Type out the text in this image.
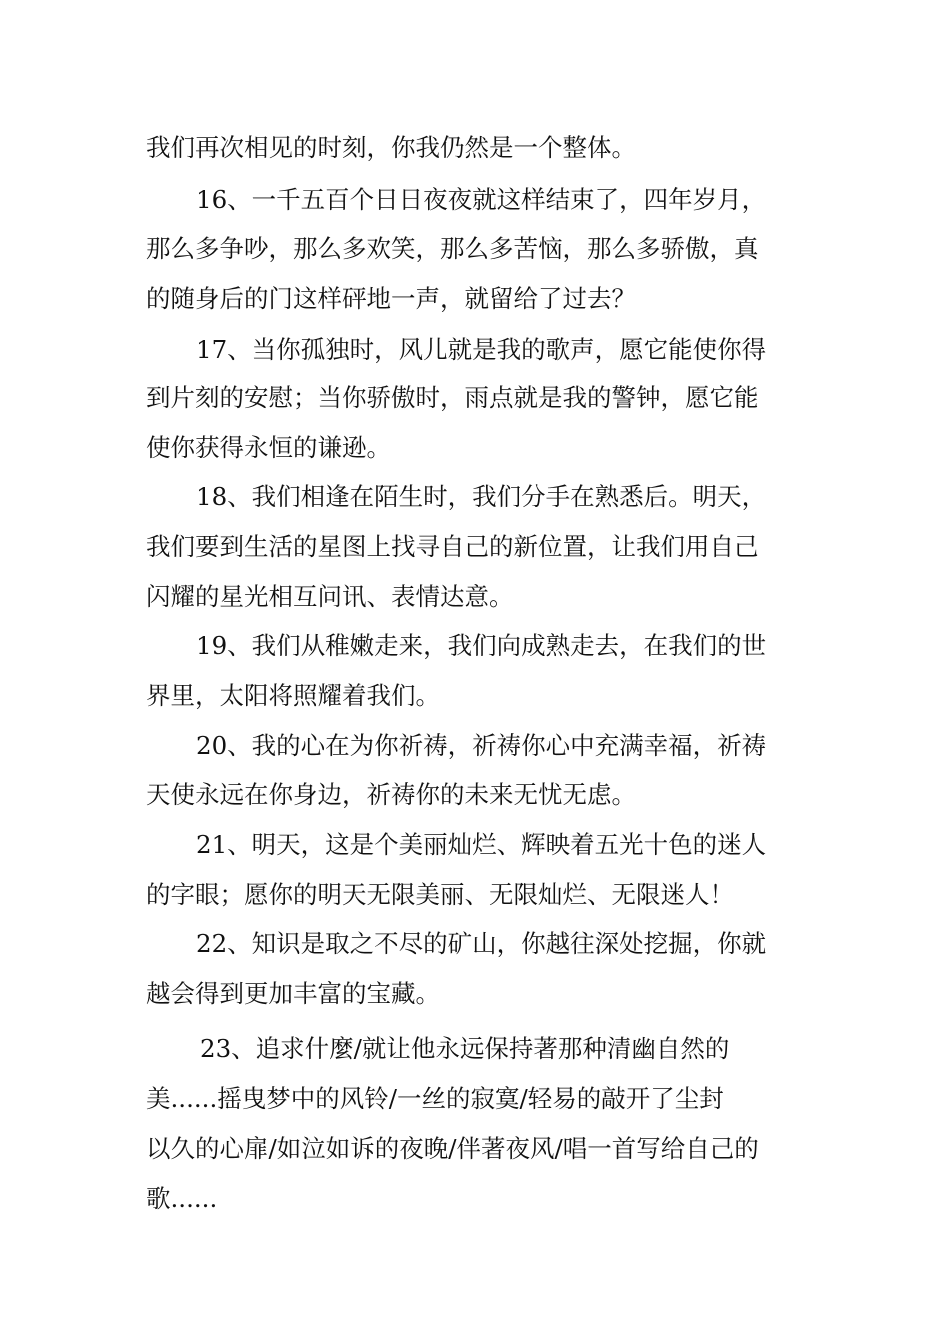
我们再次相见的时刻，你我仍然是一个整体。
16、一千五百个日日夜夜就这样结束了，四年岁月，
那么多争吵，那么多欢笑，那么多苦恼，那么多骄傲，真
的随身后的门这样砰地一声，就留给了过去？
17、当你孤独时，风儿就是我的歌声，愿它能使你得
到片刻的安慰；当你骄傲时，雨点就是我的警钟，愿它能
使你获得永恒的谦逊。
18、我们相逢在陌生时，我们分手在熟悉后。明天，
我们要到生活的星图上找寻自己的新位置，让我们用自己
闪耀的星光相互问讯、表情达意。
19、我们从稚嫩走来，我们向成熟走去，在我们的世
界里，太阳将照耀着我们。
20、我的心在为你祈祷，祈祷你心中充满幸福，祈祷
天使永远在你身边，祈祷你的未来无忧无虑。
21、明天，这是个美丽灿烂、辉映着五光十色的迷人
的字眼；愿你的明天无限美丽、无限灿烂、无限迷人！
22、知识是取之不尽的矿山，你越往深处挖掘，你就
越会得到更加丰富的宝藏。
23、追求什麼/就让他永远保持著那种清幽自然的
美......摇曳梦中的风铃/一丝的寂寞/轻易的敲开了尘封
以久的心扉/如泣如诉的夜晚/伴著夜风/唱一首写给自己的
歌......
